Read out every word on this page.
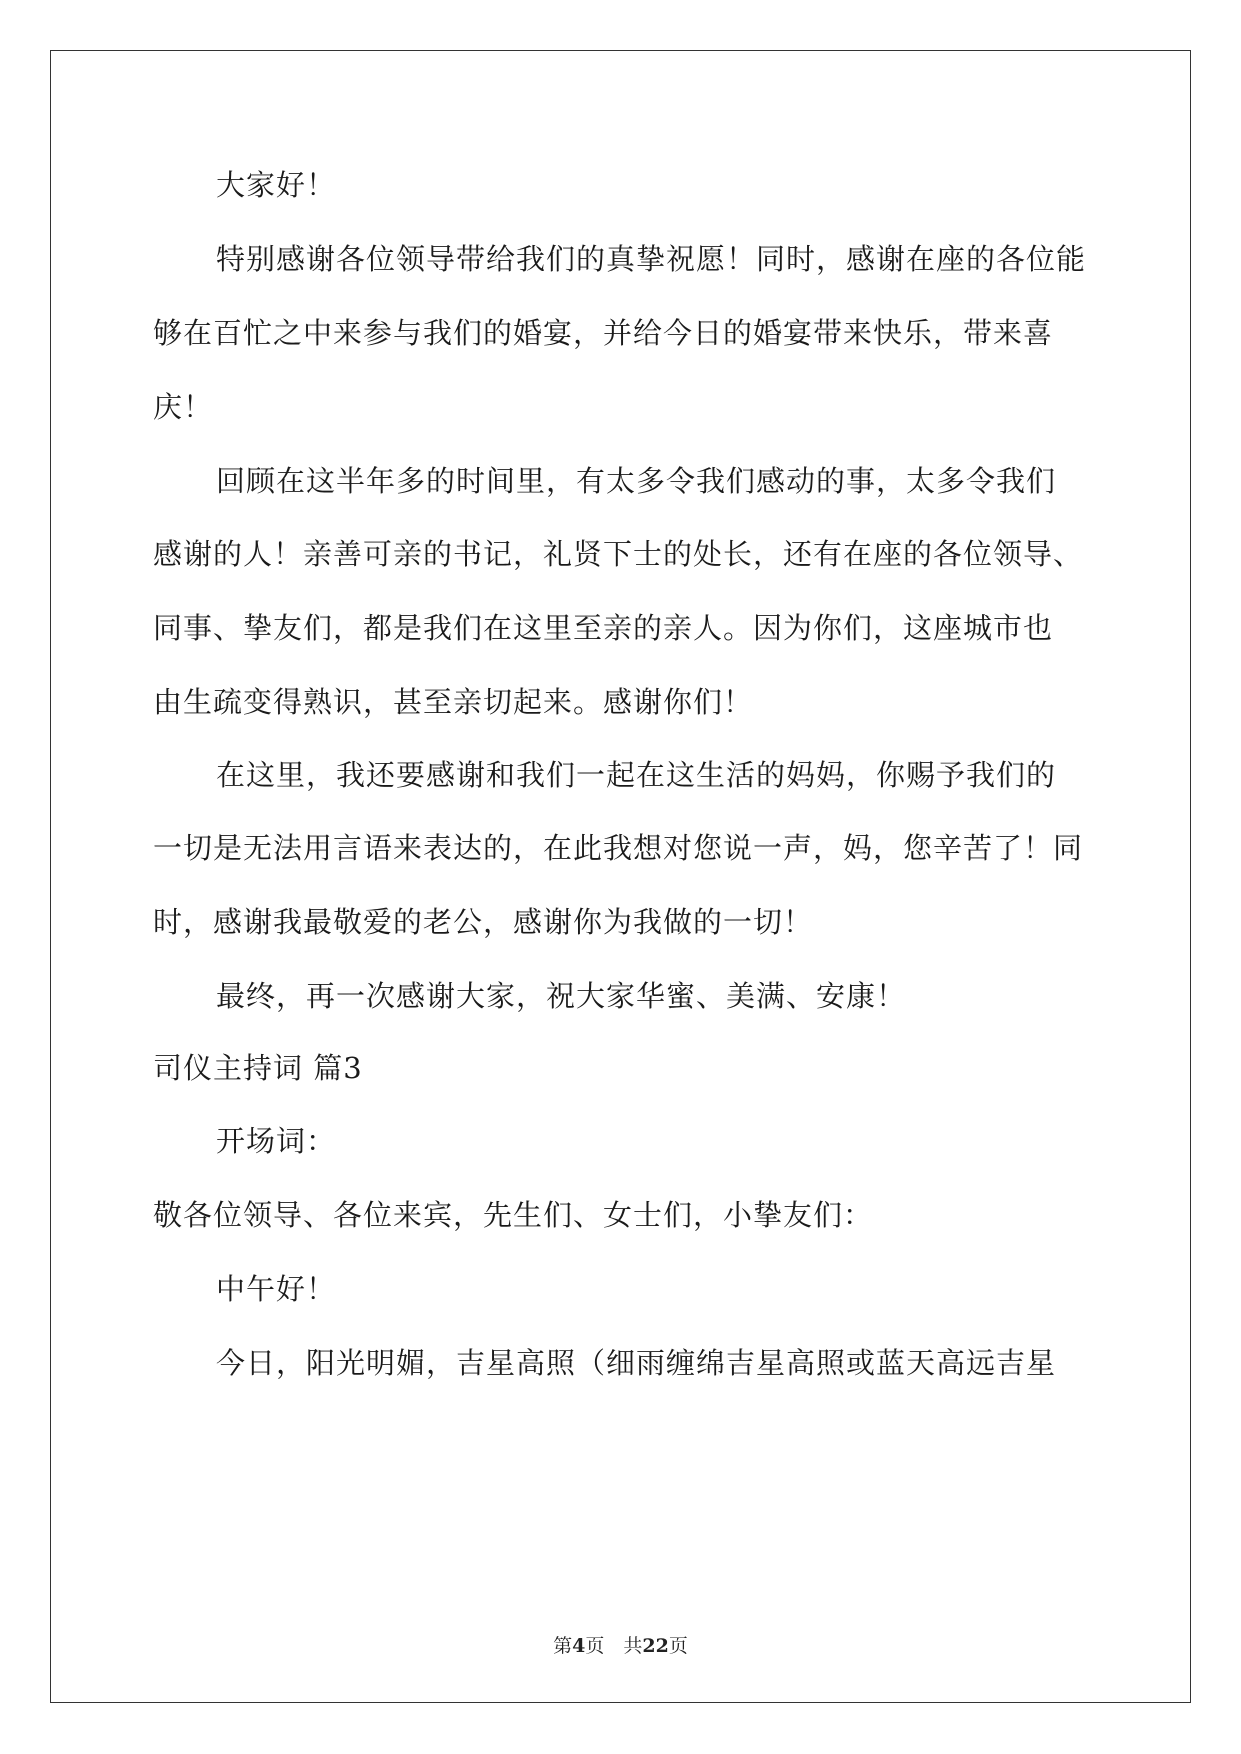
大家好！
特别感谢各位领导带给我们的真挚祝愿！同时，感谢在座的各位能
够在百忙之中来参与我们的婚宴，并给今日的婚宴带来快乐，带来喜
庆！
回顾在这半年多的时间里，有太多令我们感动的事，太多令我们
感谢的人！亲善可亲的书记，礼贤下士的处长，还有在座的各位领导、
同事、挚友们，都是我们在这里至亲的亲人。因为你们，这座城市也
由生疏变得熟识，甚至亲切起来。感谢你们！
在这里，我还要感谢和我们一起在这生活的妈妈，你赐予我们的
一切是无法用言语来表达的，在此我想对您说一声，妈，您辛苦了！同
时，感谢我最敬爱的老公，感谢你为我做的一切！
最终，再一次感谢大家，祝大家华蜜、美满、安康！
司仪主持词 篇3
开场词：
敬各位领导、各位来宾，先生们、女士们，小挚友们：
中午好！
今日，阳光明媚，吉星高照（细雨缠绵吉星高照或蓝天高远吉星
第4页　共22页
